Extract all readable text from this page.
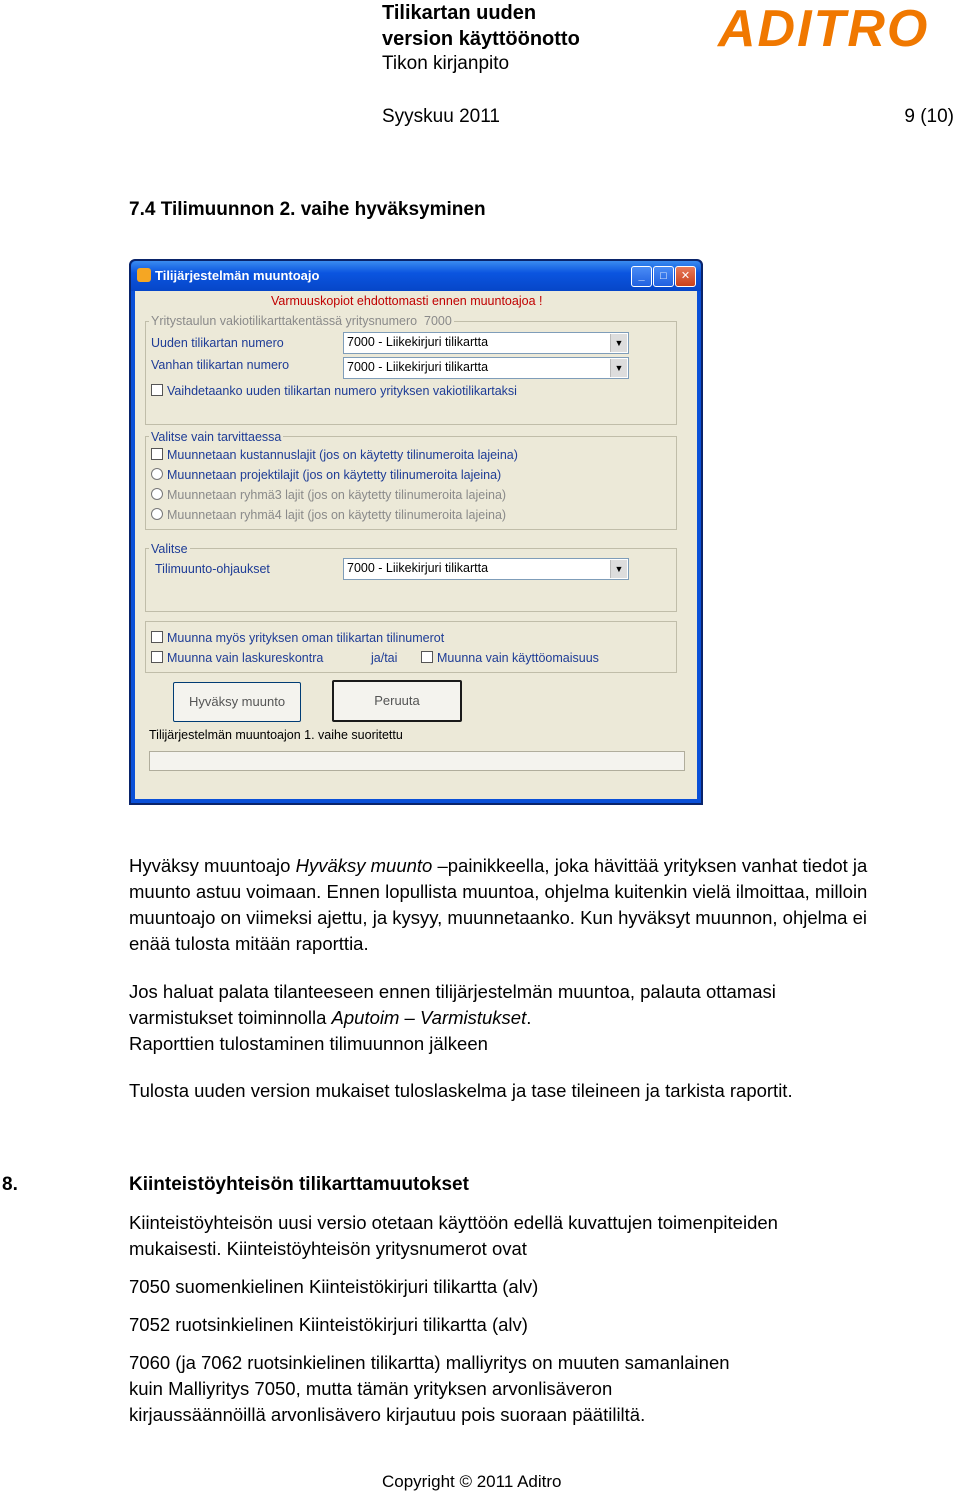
Tilikartan uuden
version käyttöönotto
Tikon kirjanpito
Syyskuu 2011	9 (10)
ADITRO
7.4 Tilimuunnon 2. vaihe hyväksyminen
Tilijärjestelmän muuntoajo	_	□	✕
Varmuuskopiot ehdottomasti ennen muuntoajoa !
Yritystaulun vakiotilikarttakentässä yritysnumero 7000
Uuden tilikartan numero	7000 - Liikekirjuri tilikartta	▼
Vanhan tilikartan numero	7000 - Liikekirjuri tilikartta	▼
Vaihdetaanko uuden tilikartan numero yrityksen vakiotilikartaksi
Valitse vain tarvittaessa
Muunnetaan kustannuslajit (jos on käytetty tilinumeroita lajeina)
Muunnetaan projektilajit (jos on käytetty tilinumeroita lajeina)
Muunnetaan ryhmä3 lajit (jos on käytetty tilinumeroita lajeina)
Muunnetaan ryhmä4 lajit (jos on käytetty tilinumeroita lajeina)
Valitse
Tilimuunto-ohjaukset	7000 - Liikekirjuri tilikartta	▼
Muunna myös yrityksen oman tilikartan tilinumerot
Muunna vain laskureskontra	ja/tai	Muunna vain käyttöomaisuus
Hyväksy muunto	Peruuta
Tilijärjestelmän muuntoajon 1. vaihe suoritettu
Hyväksy muuntoajo Hyväksy muunto –painikkeella, joka hävittää yrityksen vanhat tiedot ja
muunto astuu voimaan. Ennen lopullista muuntoa, ohjelma kuitenkin vielä ilmoittaa, milloin
muuntoajo on viimeksi ajettu, ja kysyy, muunnetaanko. Kun hyväksyt muunnon, ohjelma ei
enää tulosta mitään raporttia.
Jos haluat palata tilanteeseen ennen tilijärjestelmän muuntoa, palauta ottamasi
varmistukset toiminnolla Aputoim – Varmistukset.
Raporttien tulostaminen tilimuunnon jälkeen
Tulosta uuden version mukaiset tuloslaskelma ja tase tileineen ja tarkista raportit.
8.	Kiinteistöyhteisön tilikarttamuutokset
Kiinteistöyhteisön uusi versio otetaan käyttöön edellä kuvattujen toimenpiteiden
mukaisesti. Kiinteistöyhteisön yritysnumerot ovat
7050 suomenkielinen Kiinteistökirjuri tilikartta (alv)
7052 ruotsinkielinen Kiinteistökirjuri tilikartta (alv)
7060 (ja 7062 ruotsinkielinen tilikartta) malliyritys on muuten samanlainen
kuin Malliyritys 7050, mutta tämän yrityksen arvonlisäveron
kirjaussäännöillä arvonlisävero kirjautuu pois suoraan päätililtä.
Copyright © 2011 Aditro
